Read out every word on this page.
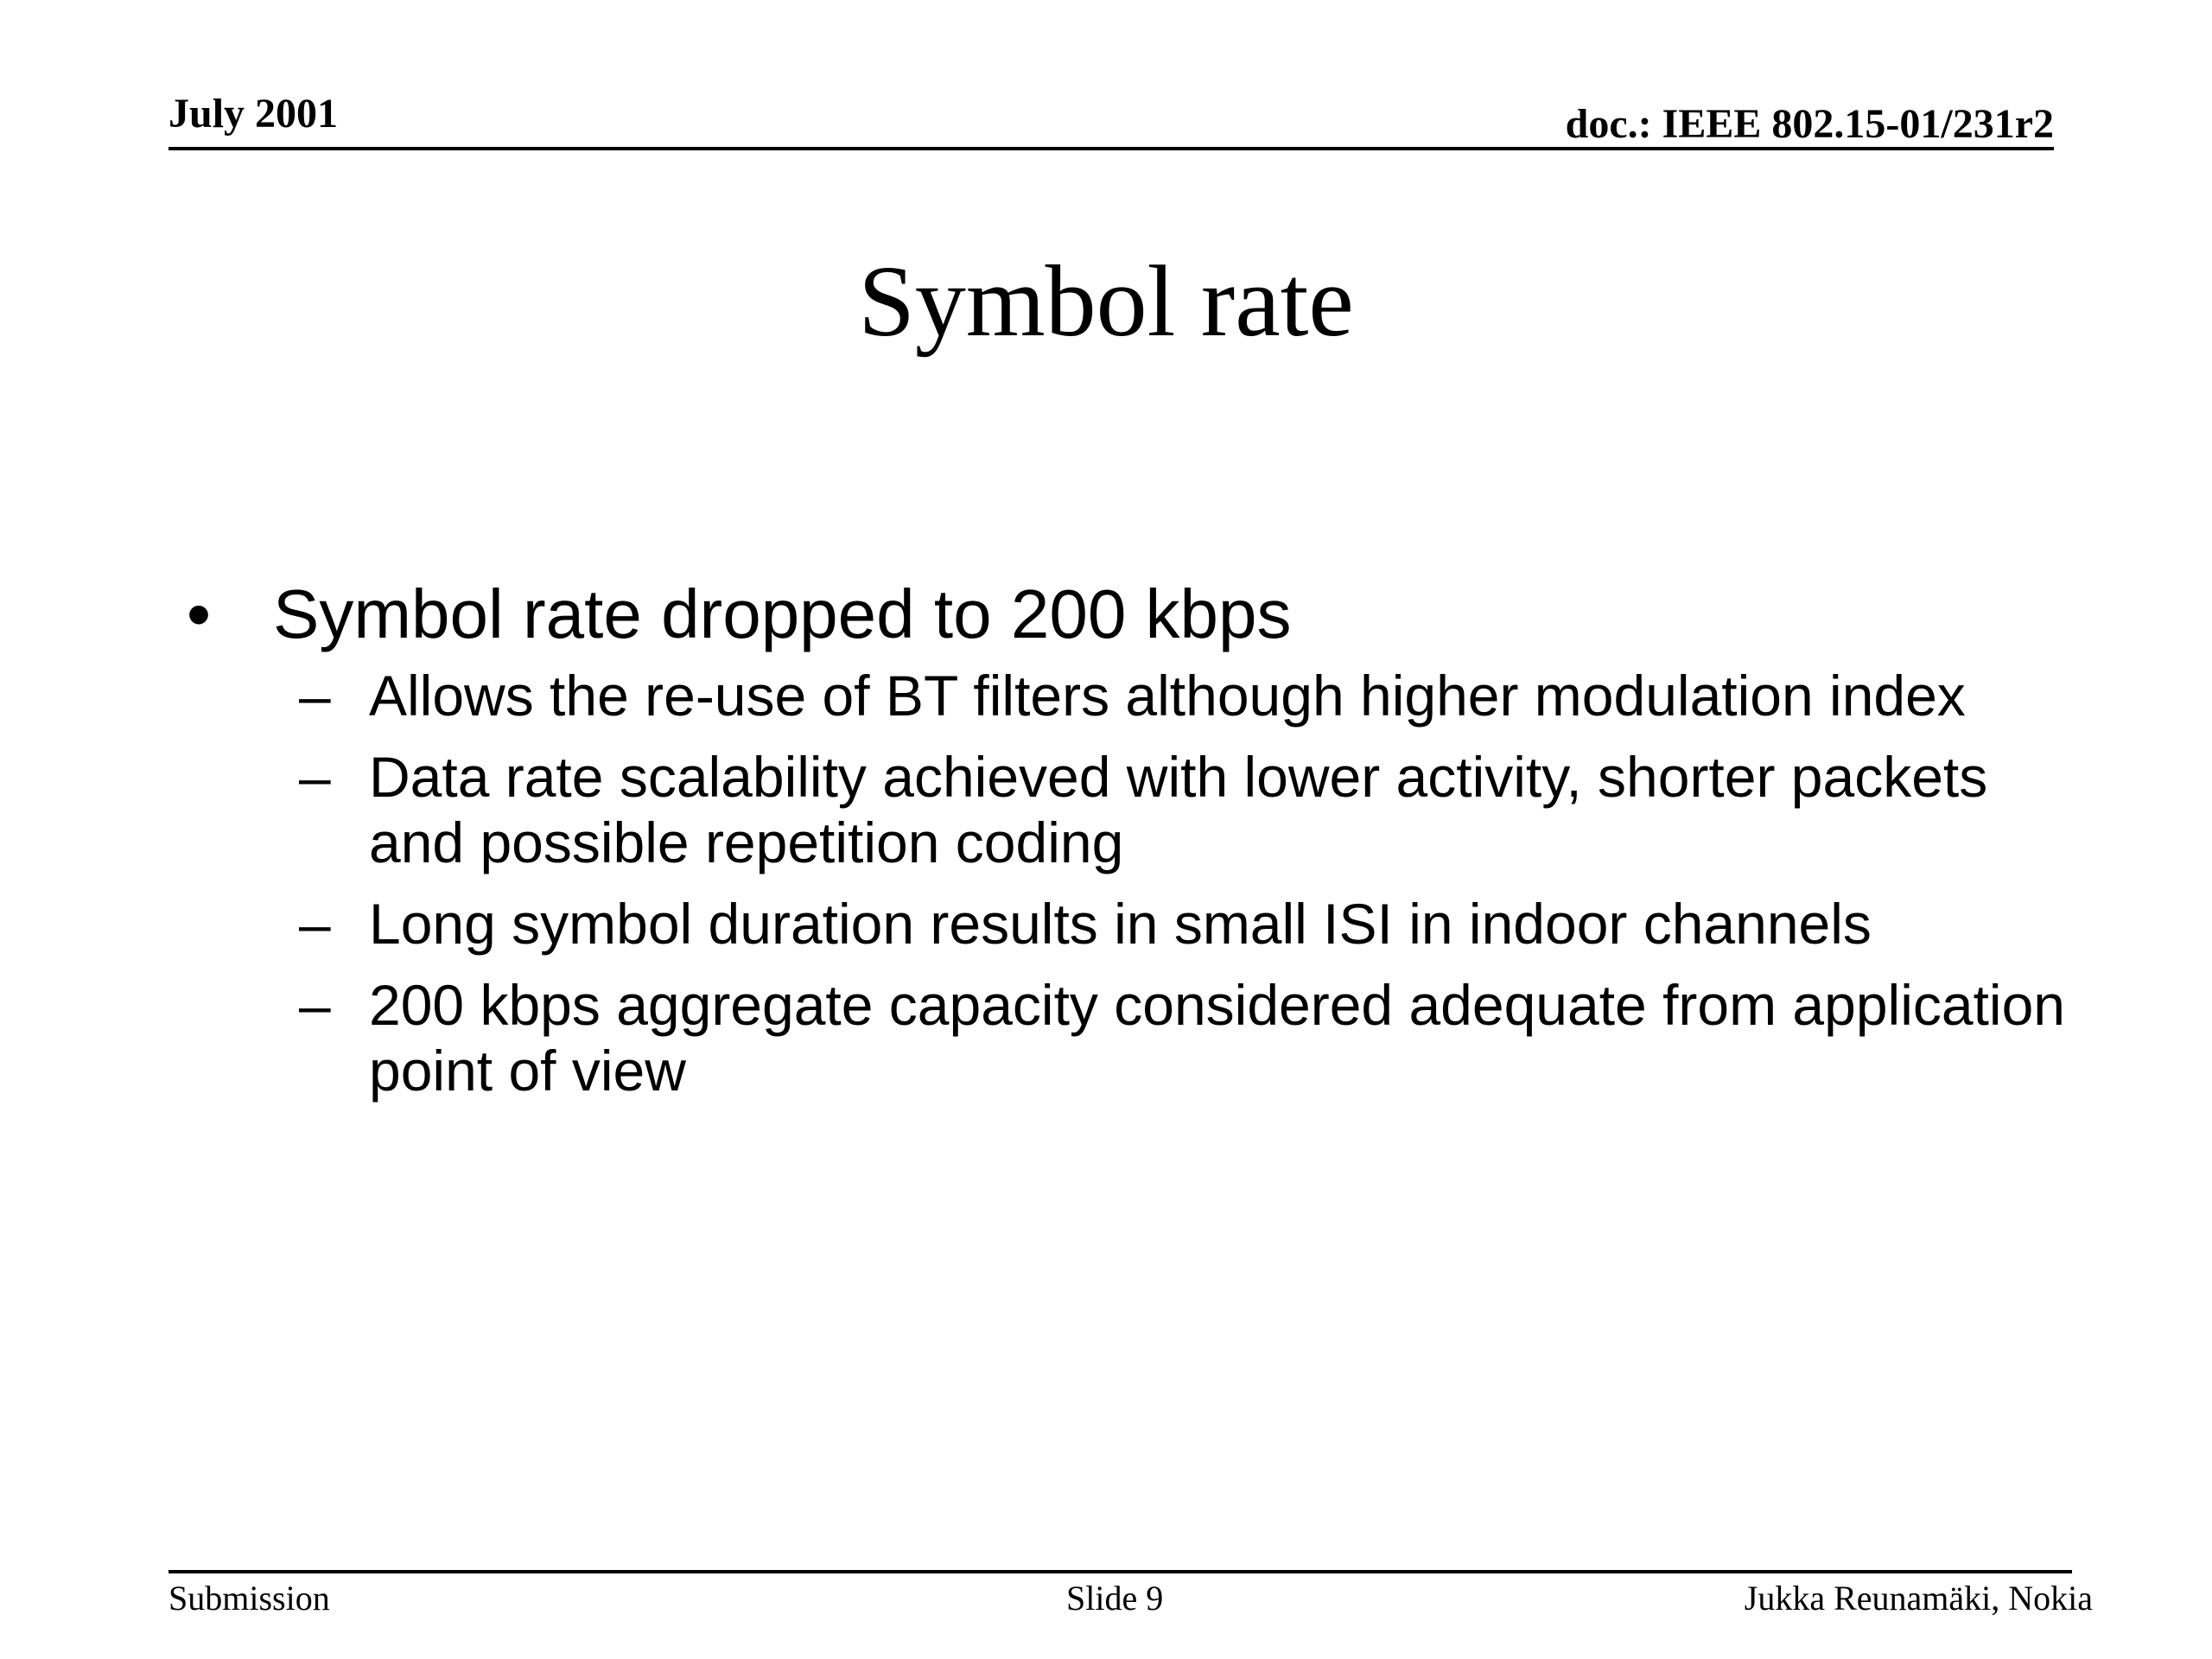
July 2001	doc.: IEEE 802.15-01/231r2
Symbol rate
• Symbol rate dropped to 200 kbps
– Allows the re-use of BT filters although higher modulation index
– Data rate scalability achieved with lower activity, shorter packets and possible repetition coding
– Long symbol duration results in small ISI in indoor channels
– 200 kbps aggregate capacity considered adequate from application point of view
Submission	Slide 9	Jukka Reunamäki, Nokia
